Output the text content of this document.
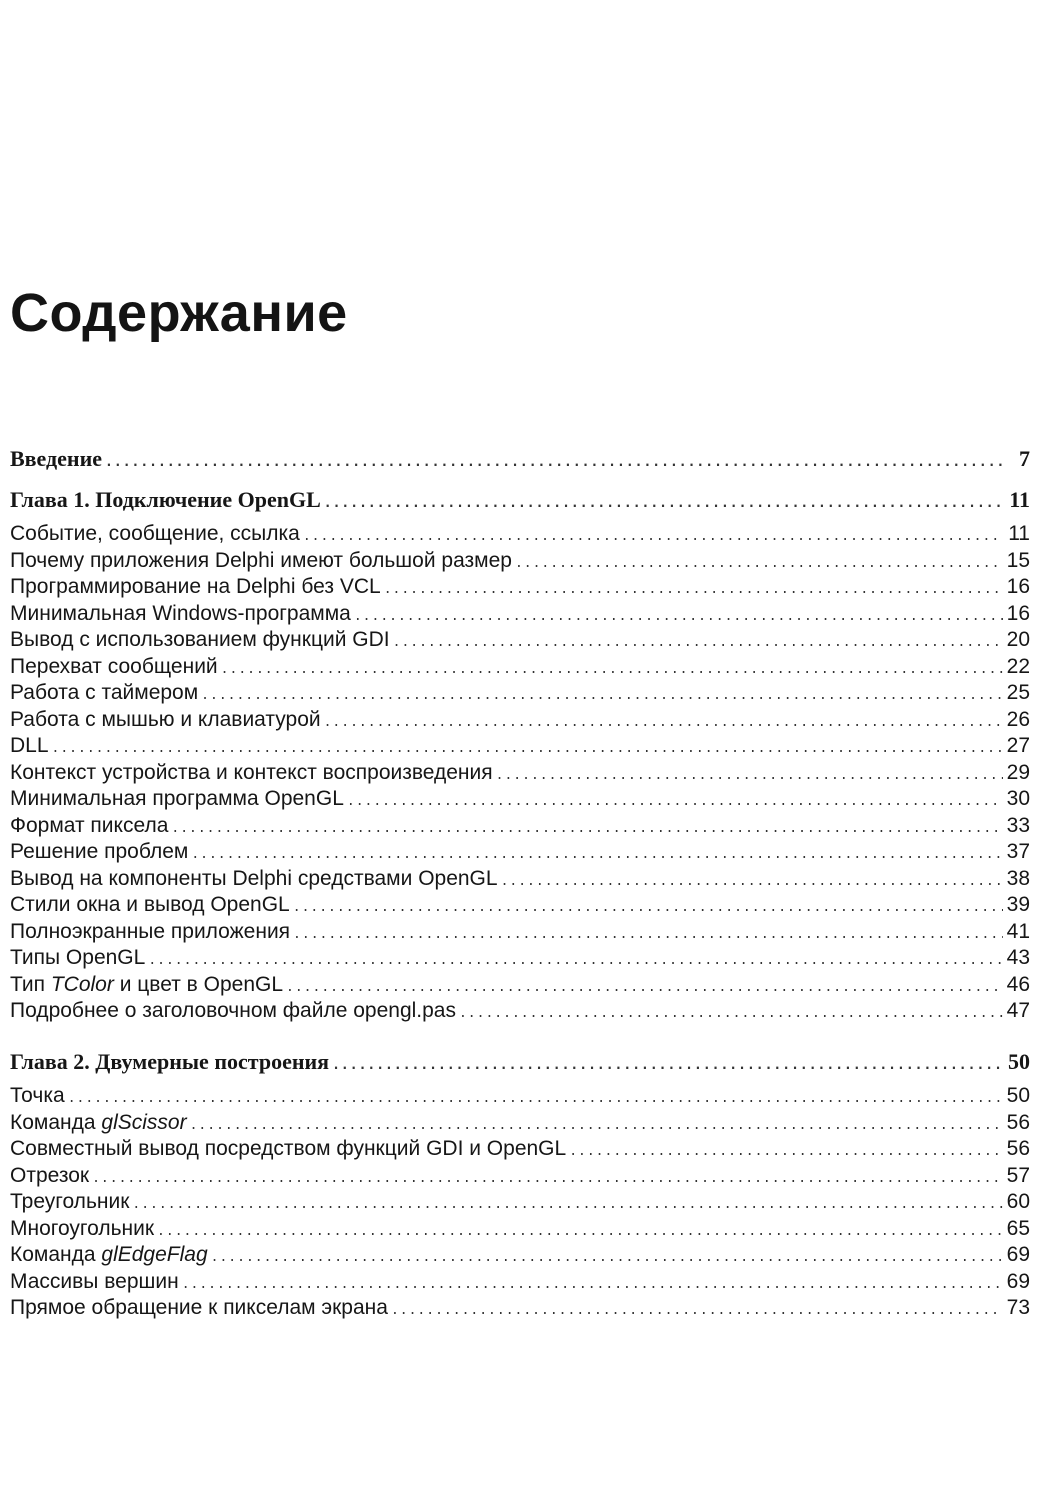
Содержание
Введение .....	7
Глава 1. Подключение OpenGL .....	11
Событие, сообщение, ссылка .....	11
Почему приложения Delphi имеют большой размер .....	15
Программирование на Delphi без VCL .....	16
Минимальная Windows-программа .....	16
Вывод с использованием функций GDI .....	20
Перехват сообщений .....	22
Работа с таймером .....	25
Работа с мышью и клавиатурой .....	26
DLL .....	27
Контекст устройства и контекст воспроизведения .....	29
Минимальная программа OpenGL .....	30
Формат пиксела .....	33
Решение проблем .....	37
Вывод на компоненты Delphi средствами OpenGL .....	38
Стили окна и вывод OpenGL .....	39
Полноэкранные приложения .....	41
Типы OpenGL .....	43
Тип TColor и цвет в OpenGL .....	46
Подробнее о заголовочном файле opengl.pas .....	47
Глава 2. Двумерные построения .....	50
Точка .....	50
Команда glScissor .....	56
Совместный вывод посредством функций GDI и OpenGL .....	56
Отрезок .....	57
Треугольник .....	60
Многоугольник .....	65
Команда glEdgeFlag .....	69
Массивы вершин .....	69
Прямое обращение к пикселам экрана .....	73
